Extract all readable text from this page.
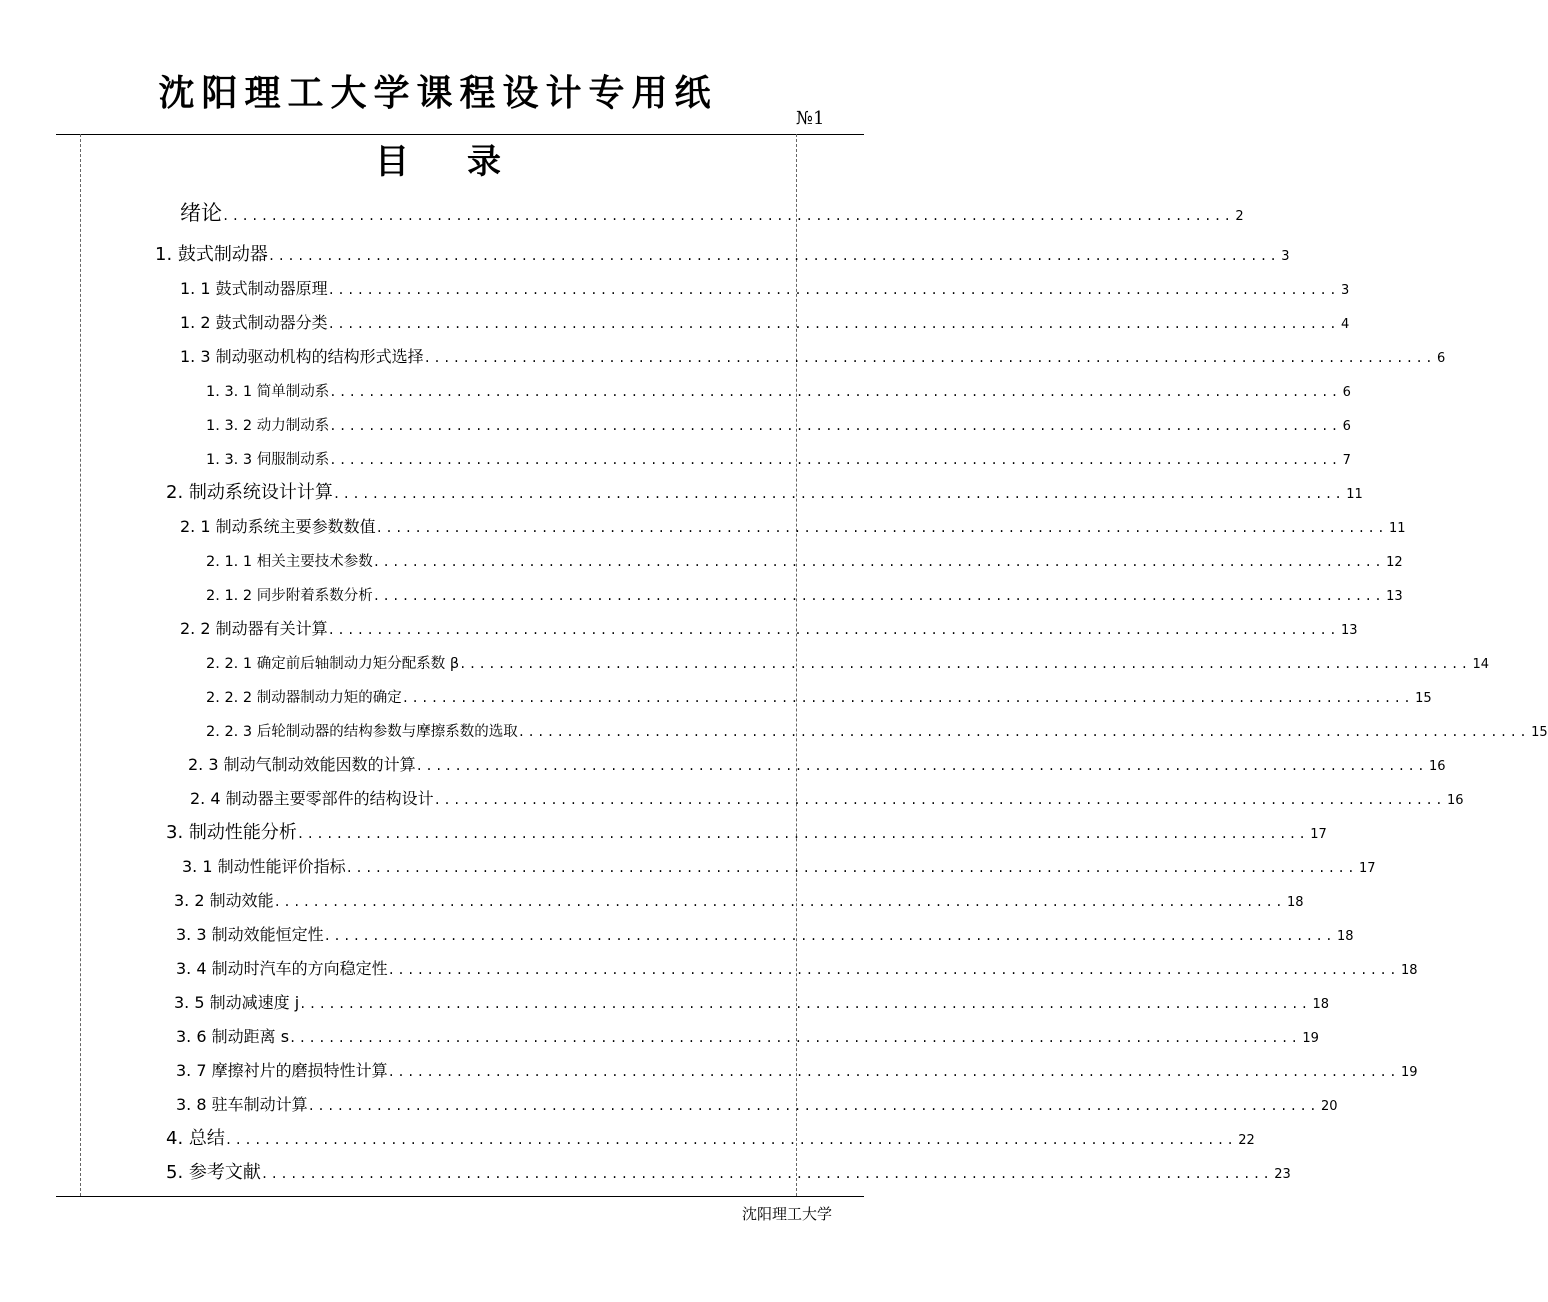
沈阳理工大学课程设计专用纸
№1
目 录
绪论 ........................................................................................................ 2
1. 鼓式制动器 ........................................................................................................ 3
1. 1 鼓式制动器原理 ........................................................................................................ 3
1. 2 鼓式制动器分类 ........................................................................................................ 4
1. 3 制动驱动机构的结构形式选择 ........................................................................................................ 6
1. 3. 1 简单制动系 ........................................................................................................ 6
1. 3. 2 动力制动系 ........................................................................................................ 6
1. 3. 3 伺服制动系 ........................................................................................................ 7
2. 制动系统设计计算 ........................................................................................................ 11
2. 1 制动系统主要参数数值 ........................................................................................................ 11
2. 1. 1 相关主要技术参数 ........................................................................................................ 12
2. 1. 2 同步附着系数分析 ........................................................................................................ 13
2. 2 制动器有关计算 ........................................................................................................ 13
2. 2. 1 确定前后轴制动力矩分配系数 β ........................................................................................................ 14
2. 2. 2 制动器制动力矩的确定 ........................................................................................................ 15
2. 2. 3 后轮制动器的结构参数与摩擦系数的选取 ........................................................................................................ 15
2. 3 制动气制动效能因数的计算 ........................................................................................................ 16
2. 4 制动器主要零部件的结构设计 ........................................................................................................ 16
3. 制动性能分析 ........................................................................................................ 17
3. 1 制动性能评价指标 ........................................................................................................ 17
3. 2 制动效能 ........................................................................................................ 18
3. 3 制动效能恒定性 ........................................................................................................ 18
3. 4 制动时汽车的方向稳定性 ........................................................................................................ 18
3. 5 制动减速度 j ........................................................................................................ 18
3. 6 制动距离 s ........................................................................................................ 19
3. 7 摩擦衬片的磨损特性计算 ........................................................................................................ 19
3. 8 驻车制动计算 ........................................................................................................ 20
4. 总结 ........................................................................................................ 22
5. 参考文献 ........................................................................................................ 23
沈阳理工大学
